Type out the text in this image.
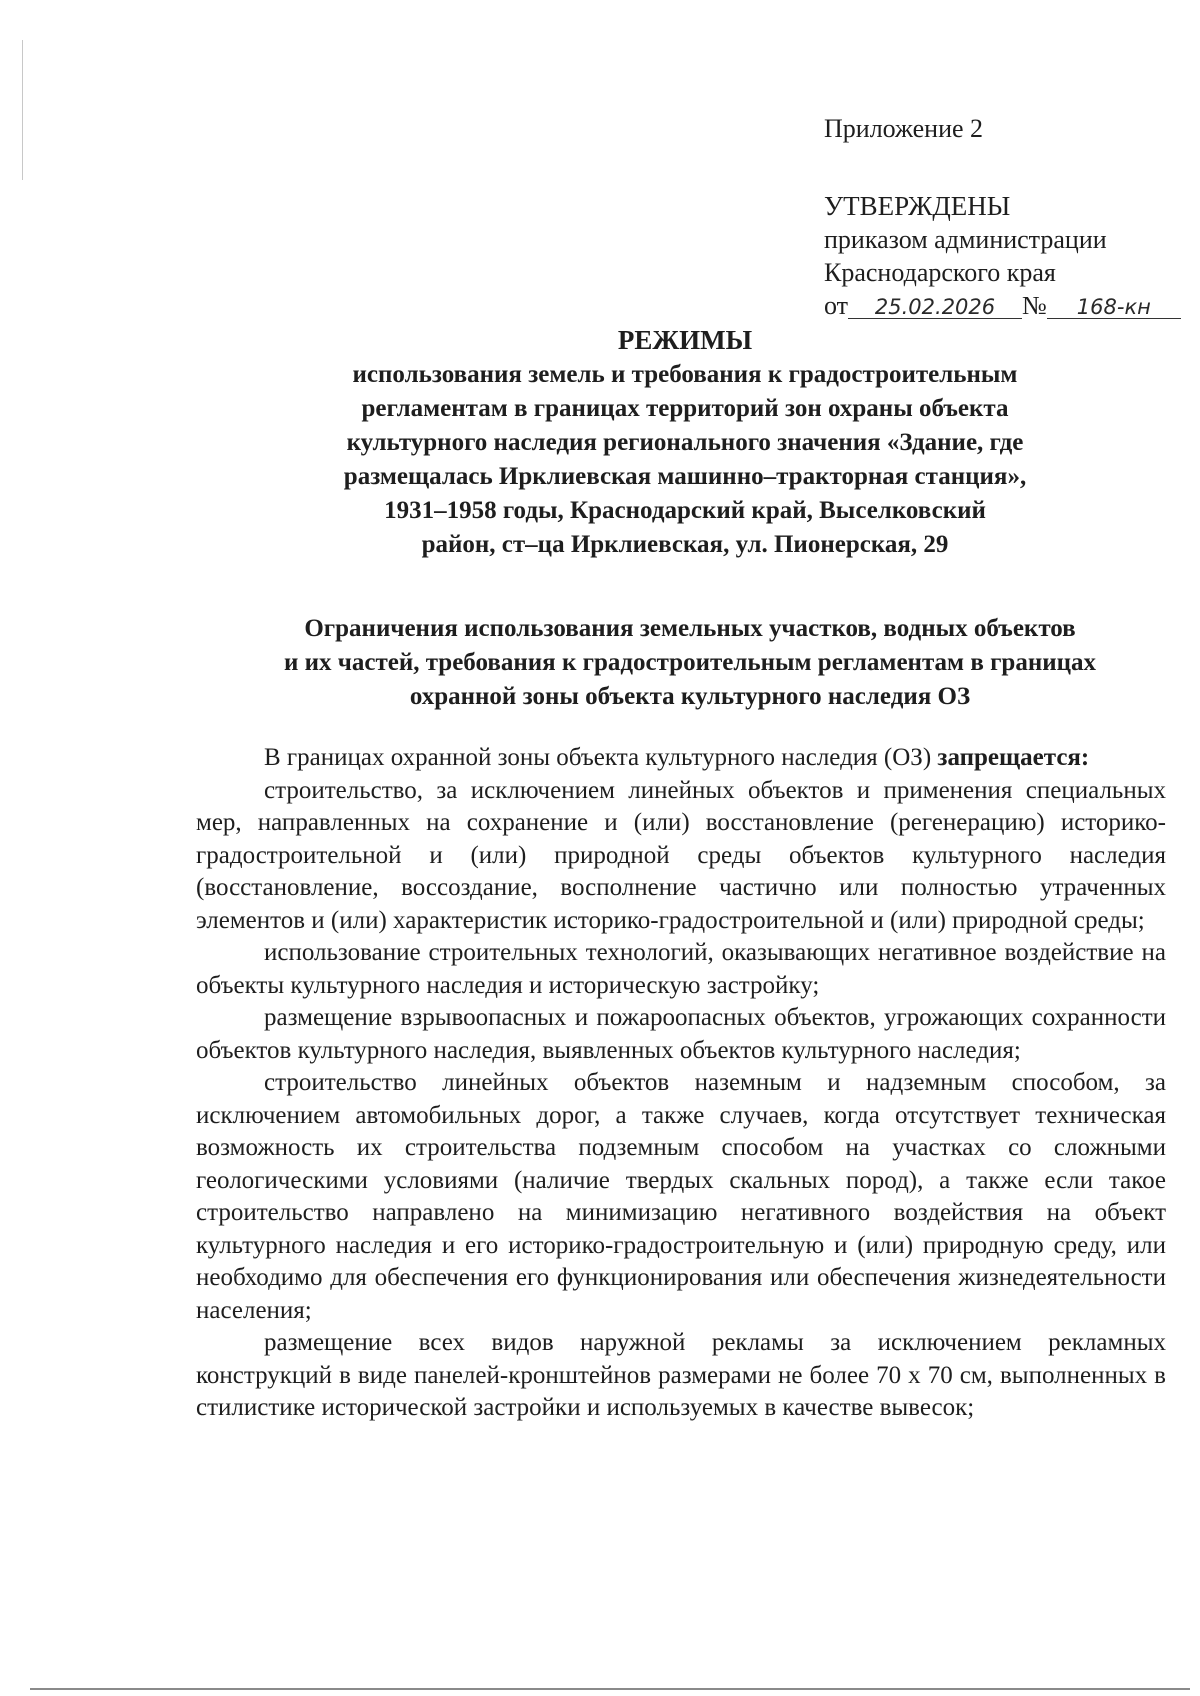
Приложение 2
УТВЕРЖДЕНЫ
приказом администрации
Краснодарского края
от 25.02.2026 № 168-кн
РЕЖИМЫ
использования земель и требования к градостроительным
регламентам в границах территорий зон охраны объекта
культурного наследия регионального значения «Здание, где
размещалась Ирклиевская машинно–тракторная станция»,
1931–1958 годы, Краснодарский край, Выселковский
район, ст–ца Ирклиевская, ул. Пионерская, 29
Ограничения использования земельных участков, водных объектов
и их частей, требования к градостроительным регламентам в границах
охранной зоны объекта культурного наследия ОЗ

В границах охранной зоны объекта культурного наследия (ОЗ) запрещается:

строительство, за исключением линейных объектов и применения специальных мер, направленных на сохранение и (или) восстановление (регенерацию) историко-градостроительной и (или) природной среды объектов культурного наследия (восстановление, воссоздание, восполнение частично или полностью утраченных элементов и (или) характеристик историко-градостроительной и (или) природной среды;

использование строительных технологий, оказывающих негативное воздействие на объекты культурного наследия и историческую застройку;

размещение взрывоопасных и пожароопасных объектов, угрожающих сохранности объектов культурного наследия, выявленных объектов культурного наследия;

строительство линейных объектов наземным и надземным способом, за исключением автомобильных дорог, а также случаев, когда отсутствует техническая возможность их строительства подземным способом на участках со сложными геологическими условиями (наличие твердых скальных пород), а также если такое строительство направлено на минимизацию негативного воздействия на объект культурного наследия и его историко-градостроительную и (или) природную среду, или необходимо для обеспечения его функционирования или обеспечения жизнедеятельности населения;

размещение всех видов наружной рекламы за исключением рекламных конструкций в виде панелей-кронштейнов размерами не более 70 х 70 см, выполненных в стилистике исторической застройки и используемых в качестве вывесок;
